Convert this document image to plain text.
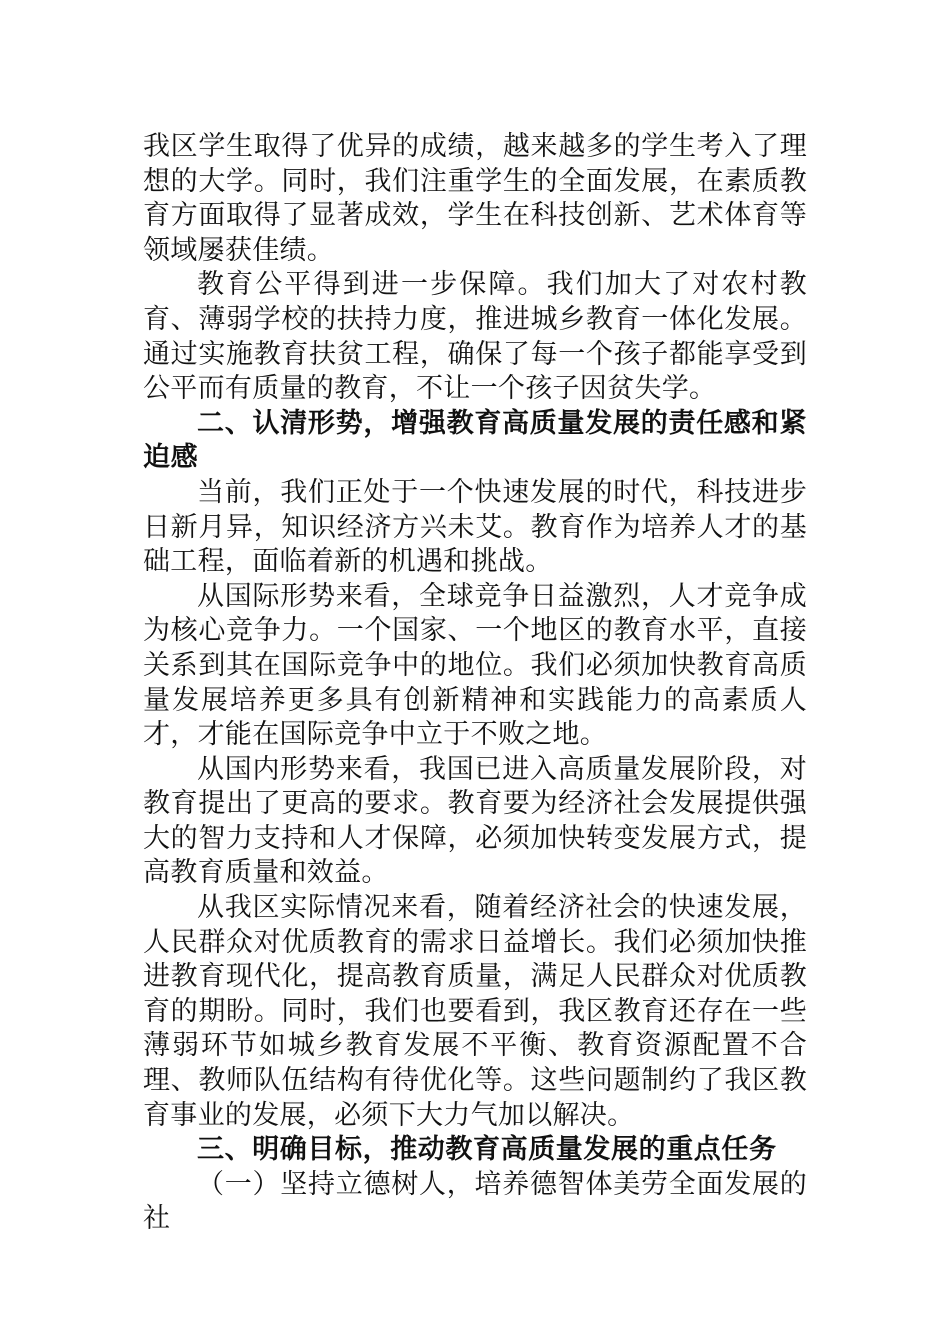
我区学生取得了优异的成绩，越来越多的学生考入了理想的大学。同时，我们注重学生的全面发展，在素质教育方面取得了显著成效，学生在科技创新、艺术体育等领域屡获佳绩。

教育公平得到进一步保障。我们加大了对农村教育、薄弱学校的扶持力度，推进城乡教育一体化发展。通过实施教育扶贫工程，确保了每一个孩子都能享受到公平而有质量的教育，不让一个孩子因贫失学。

二、认清形势，增强教育高质量发展的责任感和紧迫感

当前，我们正处于一个快速发展的时代，科技进步日新月异，知识经济方兴未艾。教育作为培养人才的基础工程，面临着新的机遇和挑战。

从国际形势来看，全球竞争日益激烈，人才竞争成为核心竞争力。一个国家、一个地区的教育水平，直接关系到其在国际竞争中的地位。我们必须加快教育高质量发展培养更多具有创新精神和实践能力的高素质人才，才能在国际竞争中立于不败之地。

从国内形势来看，我国已进入高质量发展阶段，对教育提出了更高的要求。教育要为经济社会发展提供强大的智力支持和人才保障，必须加快转变发展方式，提高教育质量和效益。

从我区实际情况来看，随着经济社会的快速发展，人民群众对优质教育的需求日益增长。我们必须加快推进教育现代化，提高教育质量，满足人民群众对优质教育的期盼。同时，我们也要看到，我区教育还存在一些薄弱环节如城乡教育发展不平衡、教育资源配置不合理、教师队伍结构有待优化等。这些问题制约了我区教育事业的发展，必须下大力气加以解决。

三、明确目标，推动教育高质量发展的重点任务

（一）坚持立德树人，培养德智体美劳全面发展的社
